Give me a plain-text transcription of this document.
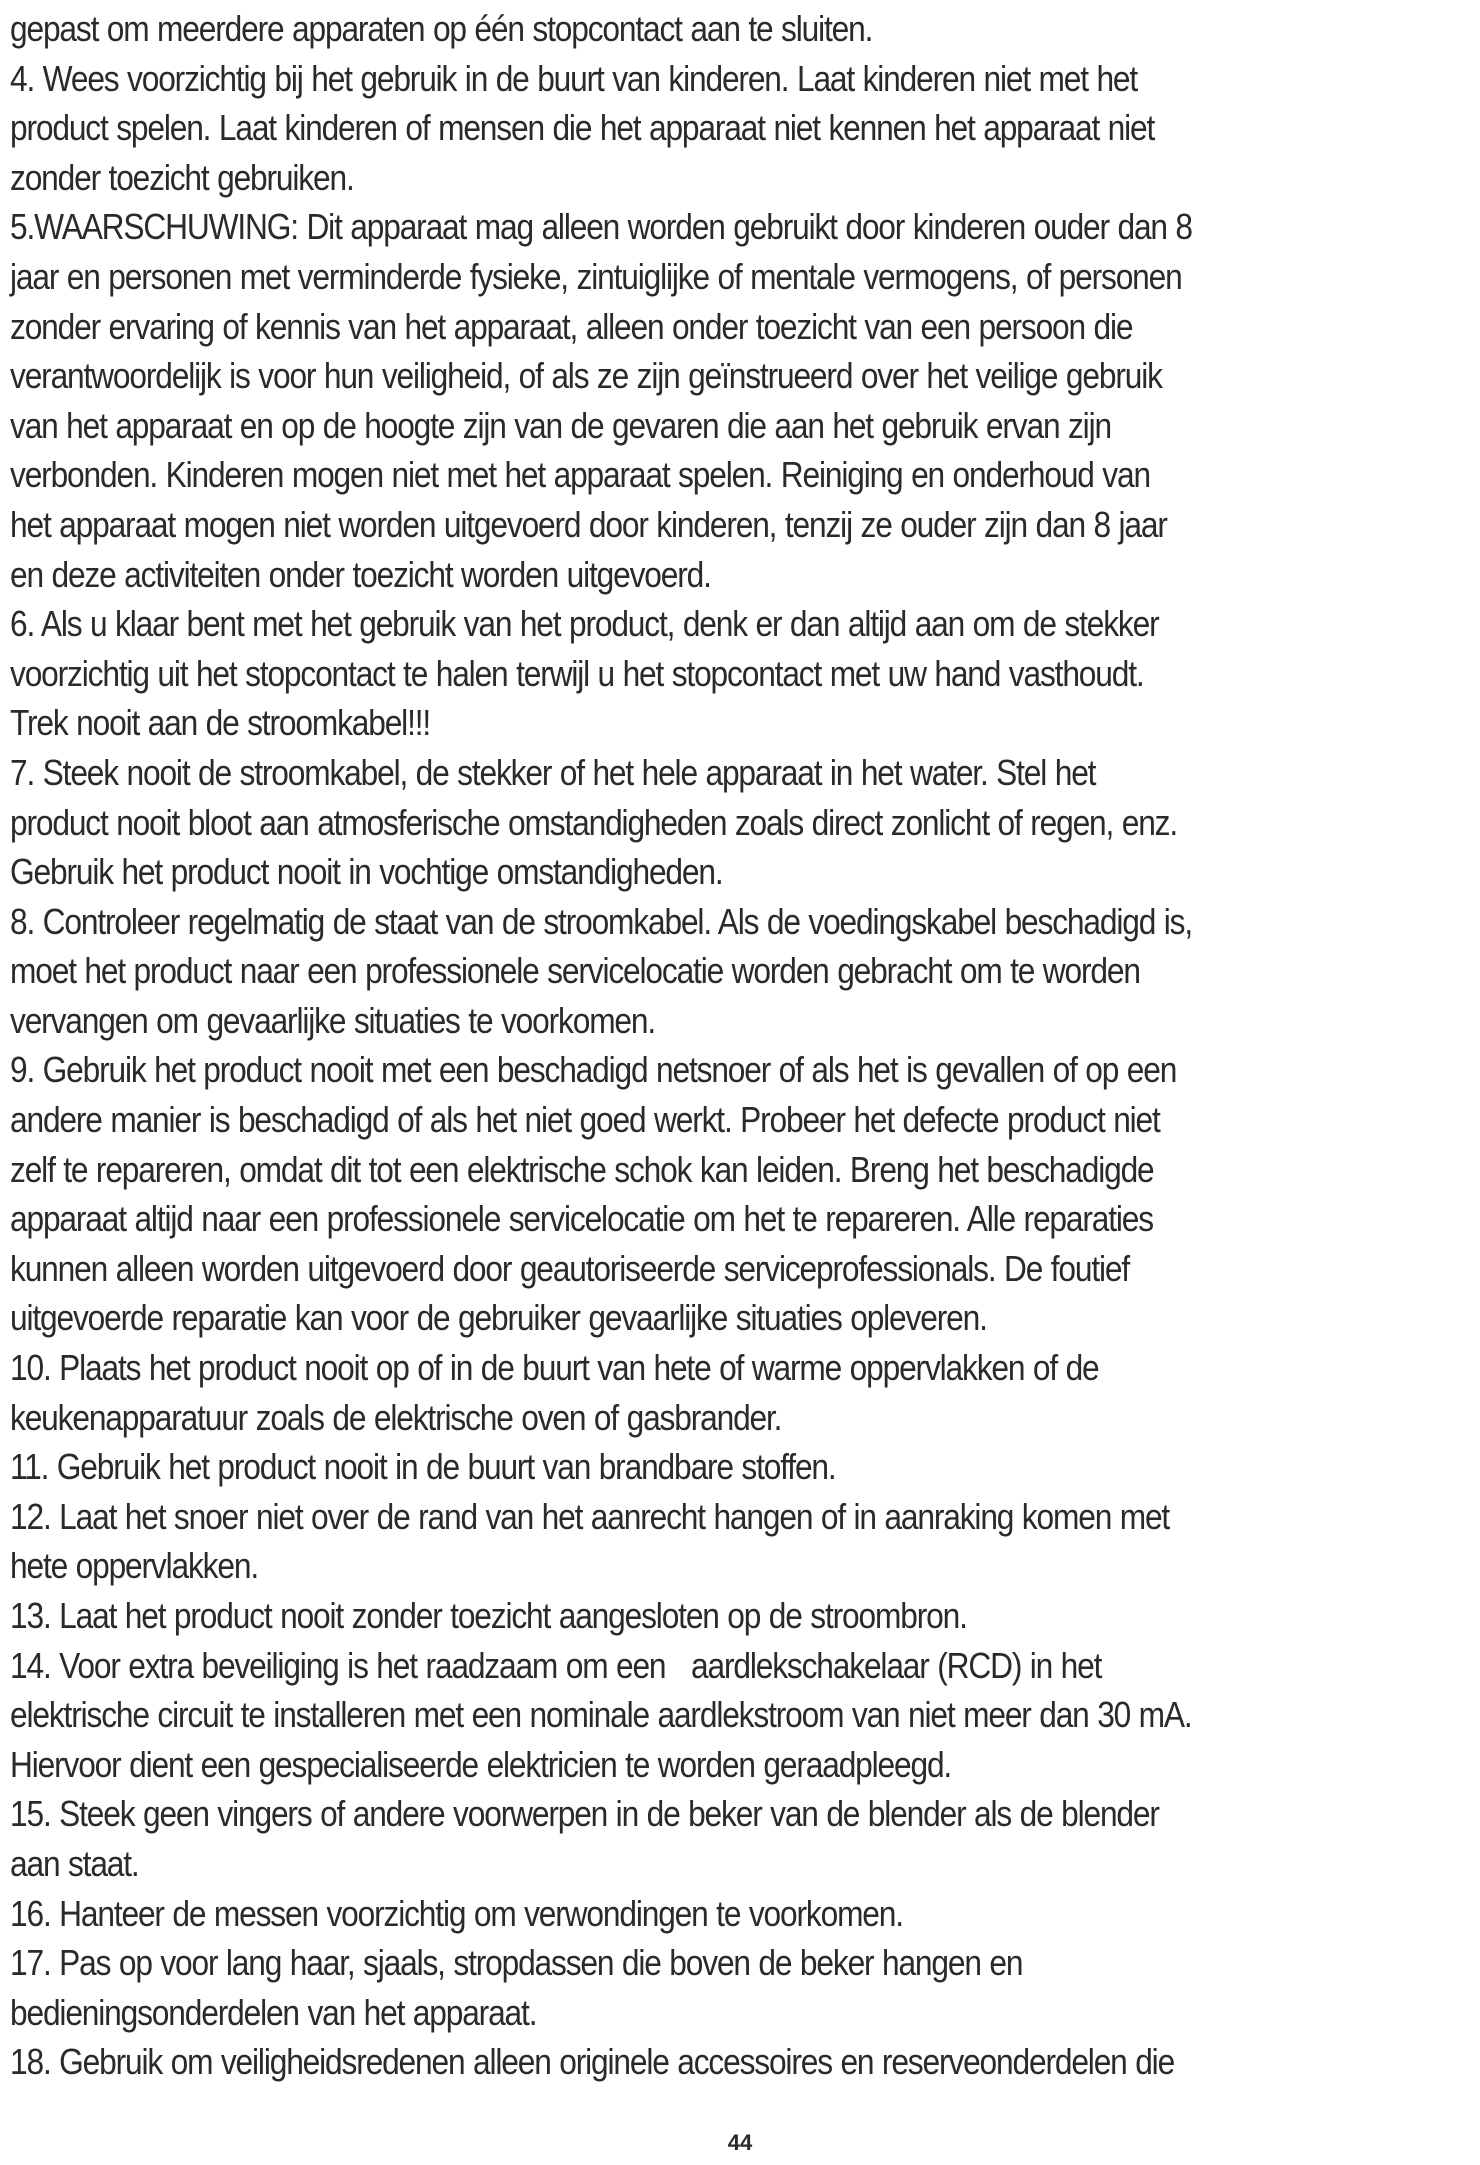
gepast om meerdere apparaten op één stopcontact aan te sluiten.
4. Wees voorzichtig bij het gebruik in de buurt van kinderen. Laat kinderen niet met het
product spelen. Laat kinderen of mensen die het apparaat niet kennen het apparaat niet
zonder toezicht gebruiken.
5.WAARSCHUWING: Dit apparaat mag alleen worden gebruikt door kinderen ouder dan 8
jaar en personen met verminderde fysieke, zintuiglijke of mentale vermogens, of personen
zonder ervaring of kennis van het apparaat, alleen onder toezicht van een persoon die
verantwoordelijk is voor hun veiligheid, of als ze zijn geïnstrueerd over het veilige gebruik
van het apparaat en op de hoogte zijn van de gevaren die aan het gebruik ervan zijn
verbonden. Kinderen mogen niet met het apparaat spelen. Reiniging en onderhoud van
het apparaat mogen niet worden uitgevoerd door kinderen, tenzij ze ouder zijn dan 8 jaar
en deze activiteiten onder toezicht worden uitgevoerd.
6. Als u klaar bent met het gebruik van het product, denk er dan altijd aan om de stekker
voorzichtig uit het stopcontact te halen terwijl u het stopcontact met uw hand vasthoudt.
Trek nooit aan de stroomkabel!!!
7. Steek nooit de stroomkabel, de stekker of het hele apparaat in het water. Stel het
product nooit bloot aan atmosferische omstandigheden zoals direct zonlicht of regen, enz.
Gebruik het product nooit in vochtige omstandigheden.
8. Controleer regelmatig de staat van de stroomkabel. Als de voedingskabel beschadigd is,
moet het product naar een professionele servicelocatie worden gebracht om te worden
vervangen om gevaarlijke situaties te voorkomen.
9. Gebruik het product nooit met een beschadigd netsnoer of als het is gevallen of op een
andere manier is beschadigd of als het niet goed werkt. Probeer het defecte product niet
zelf te repareren, omdat dit tot een elektrische schok kan leiden. Breng het beschadigde
apparaat altijd naar een professionele servicelocatie om het te repareren. Alle reparaties
kunnen alleen worden uitgevoerd door geautoriseerde serviceprofessionals. De foutief
uitgevoerde reparatie kan voor de gebruiker gevaarlijke situaties opleveren.
10. Plaats het product nooit op of in de buurt van hete of warme oppervlakken of de
keukenapparatuur zoals de elektrische oven of gasbrander.
11. Gebruik het product nooit in de buurt van brandbare stoffen.
12. Laat het snoer niet over de rand van het aanrecht hangen of in aanraking komen met
hete oppervlakken.
13. Laat het product nooit zonder toezicht aangesloten op de stroombron.
14. Voor extra beveiliging is het raadzaam om een   aardlekschakelaar (RCD) in het
elektrische circuit te installeren met een nominale aardlekstroom van niet meer dan 30 mA.
Hiervoor dient een gespecialiseerde elektricien te worden geraadpleegd.
15. Steek geen vingers of andere voorwerpen in de beker van de blender als de blender
aan staat.
16. Hanteer de messen voorzichtig om verwondingen te voorkomen.
17. Pas op voor lang haar, sjaals, stropdassen die boven de beker hangen en
bedieningsonderdelen van het apparaat.
18. Gebruik om veiligheidsredenen alleen originele accessoires en reserveonderdelen die
44
